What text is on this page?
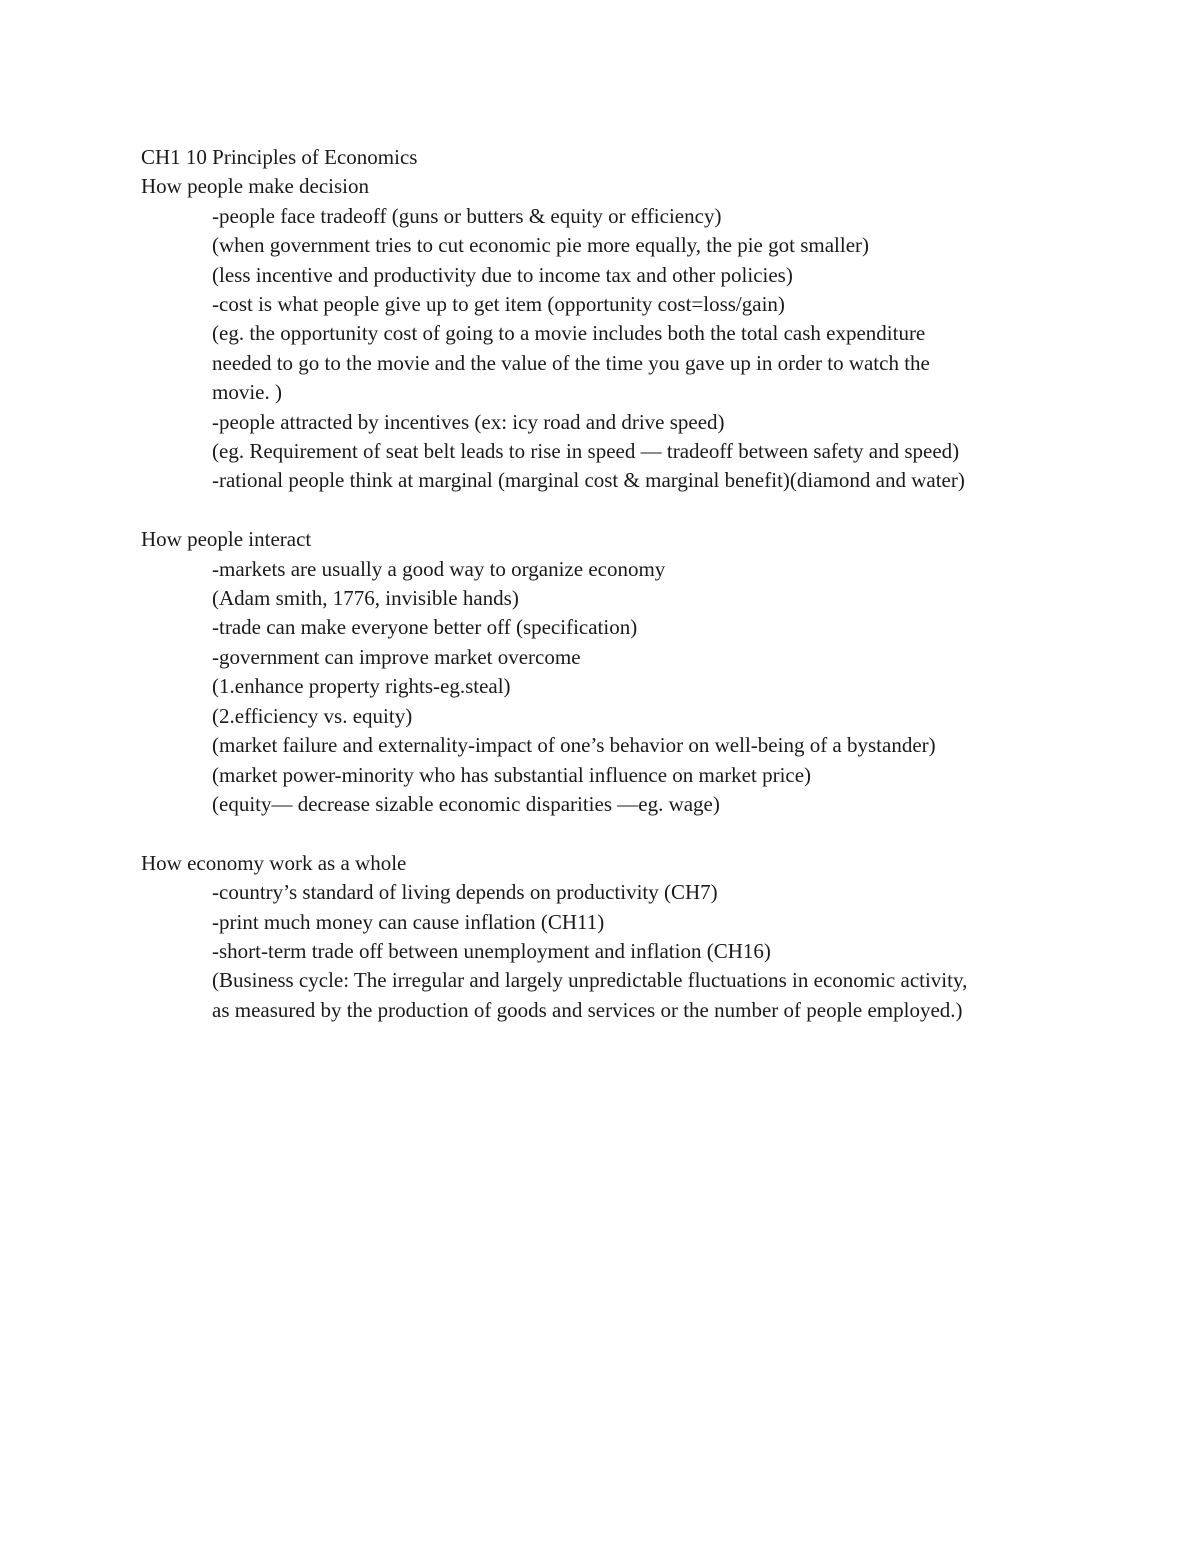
CH1 10 Principles of Economics
How people make decision
-people face tradeoff (guns or butters & equity or efficiency)
(when government tries to cut economic pie more equally, the pie got smaller)
(less incentive and productivity due to income tax and other policies)
-cost is what people give up to get item (opportunity cost=loss/gain)
(eg. the opportunity cost of going to a movie includes both the total cash expenditure
needed to go to the movie and the value of the time you gave up in order to watch the
movie. )
-people attracted by incentives (ex: icy road and drive speed)
(eg. Requirement of seat belt leads to rise in speed — tradeoff between safety and speed)
-rational people think at marginal (marginal cost & marginal benefit)(diamond and water)
How people interact
-markets are usually a good way to organize economy
(Adam smith, 1776, invisible hands)
-trade can make everyone better off (specification)
-government can improve market overcome
(1.enhance property rights-eg.steal)
(2.efficiency vs. equity)
(market failure and externality-impact of one’s behavior on well-being of a bystander)
(market power-minority who has substantial influence on market price)
(equity— decrease sizable economic disparities —eg. wage)
How economy work as a whole
-country’s standard of living depends on productivity (CH7)
-print much money can cause inflation (CH11)
-short-term trade off between unemployment and inflation (CH16)
(Business cycle: The irregular and largely unpredictable fluctuations in economic activity,
as measured by the production of goods and services or the number of people employed.)
